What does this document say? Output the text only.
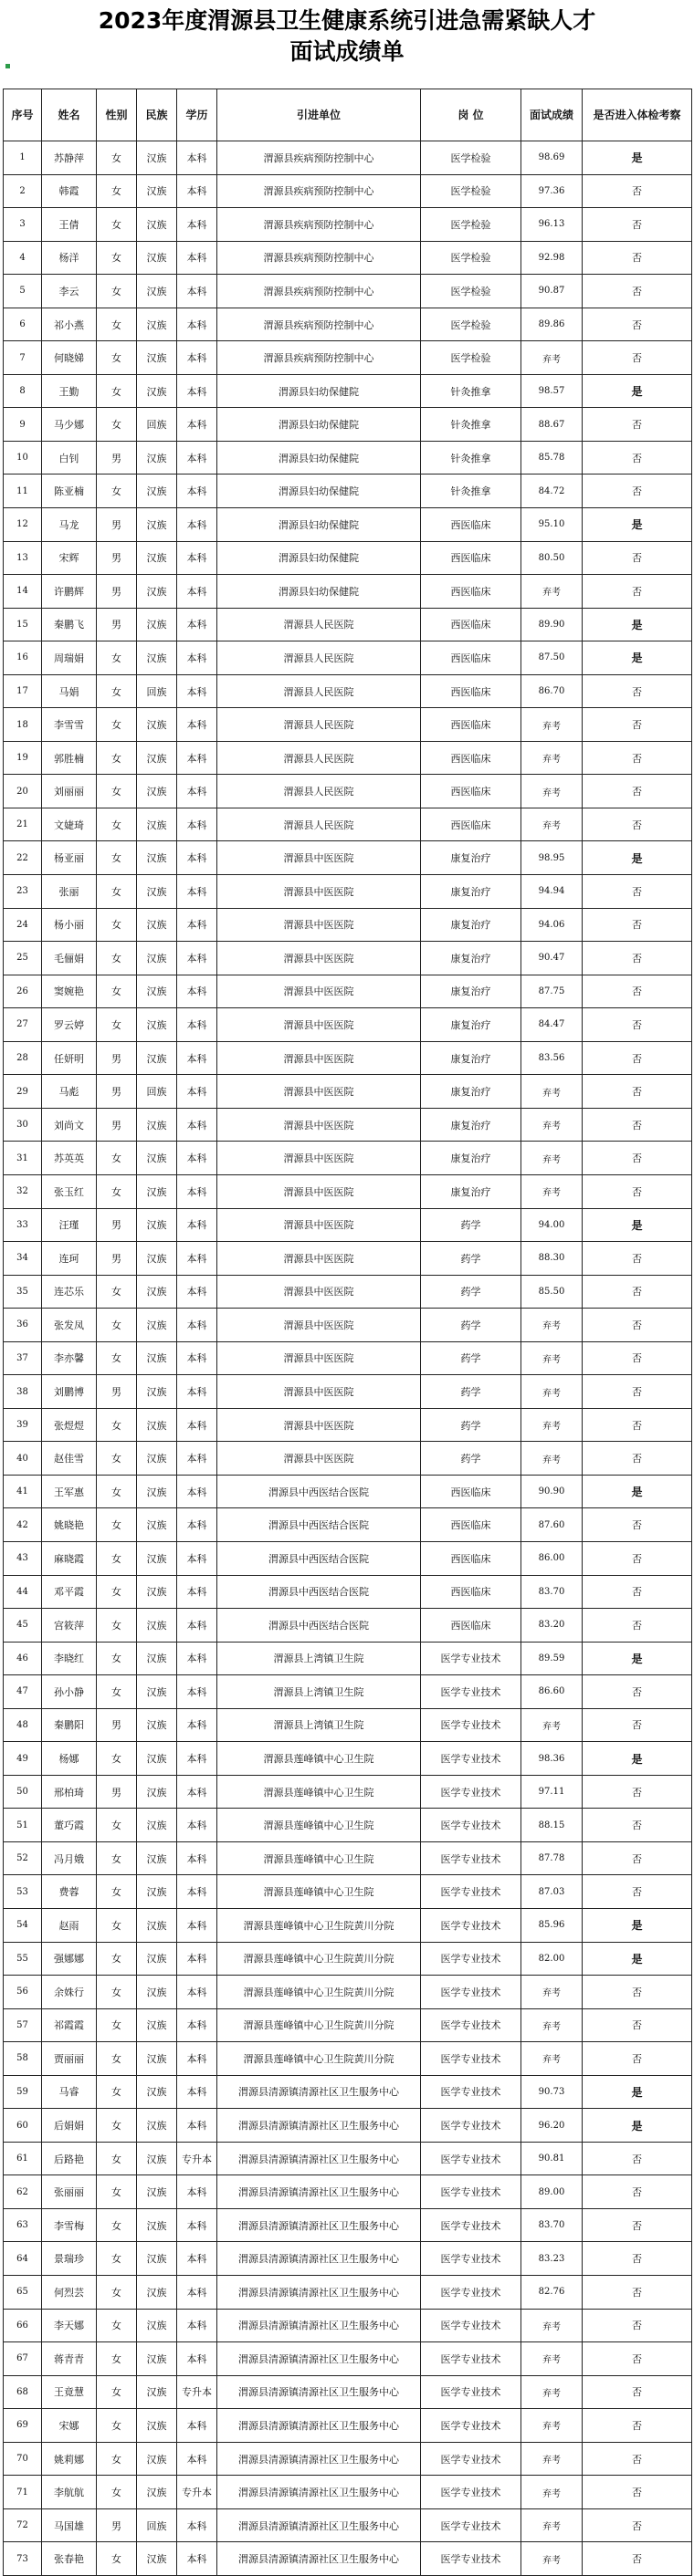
2023年度渭源县卫生健康系统引进急需紧缺人才
面试成绩单
序号	姓名	性别	民族	学历	引进单位	岗 位	面试成绩	是否进入体检考察
1	苏静萍	女	汉族	本科	渭源县疾病预防控制中心	医学检验	98.69	是
2	韩霞	女	汉族	本科	渭源县疾病预防控制中心	医学检验	97.36	否
3	王倩	女	汉族	本科	渭源县疾病预防控制中心	医学检验	96.13	否
4	杨洋	女	汉族	本科	渭源县疾病预防控制中心	医学检验	92.98	否
5	李云	女	汉族	本科	渭源县疾病预防控制中心	医学检验	90.87	否
6	祁小燕	女	汉族	本科	渭源县疾病预防控制中心	医学检验	89.86	否
7	何晓娣	女	汉族	本科	渭源县疾病预防控制中心	医学检验	弃考	否
8	王勤	女	汉族	本科	渭源县妇幼保健院	针灸推拿	98.57	是
9	马少娜	女	回族	本科	渭源县妇幼保健院	针灸推拿	88.67	否
10	白钊	男	汉族	本科	渭源县妇幼保健院	针灸推拿	85.78	否
11	陈亚楠	女	汉族	本科	渭源县妇幼保健院	针灸推拿	84.72	否
12	马龙	男	汉族	本科	渭源县妇幼保健院	西医临床	95.10	是
13	宋辉	男	汉族	本科	渭源县妇幼保健院	西医临床	80.50	否
14	许鹏辉	男	汉族	本科	渭源县妇幼保健院	西医临床	弃考	否
15	秦鹏飞	男	汉族	本科	渭源县人民医院	西医临床	89.90	是
16	周瑞娟	女	汉族	本科	渭源县人民医院	西医临床	87.50	是
17	马娟	女	回族	本科	渭源县人民医院	西医临床	86.70	否
18	李雪雪	女	汉族	本科	渭源县人民医院	西医临床	弃考	否
19	郭胜楠	女	汉族	本科	渭源县人民医院	西医临床	弃考	否
20	刘丽丽	女	汉族	本科	渭源县人民医院	西医临床	弃考	否
21	文婕琦	女	汉族	本科	渭源县人民医院	西医临床	弃考	否
22	杨亚丽	女	汉族	本科	渭源县中医医院	康复治疗	98.95	是
23	张丽	女	汉族	本科	渭源县中医医院	康复治疗	94.94	否
24	杨小丽	女	汉族	本科	渭源县中医医院	康复治疗	94.06	否
25	毛俪娟	女	汉族	本科	渭源县中医医院	康复治疗	90.47	否
26	窦婉艳	女	汉族	本科	渭源县中医医院	康复治疗	87.75	否
27	罗云婷	女	汉族	本科	渭源县中医医院	康复治疗	84.47	否
28	任妍明	男	汉族	本科	渭源县中医医院	康复治疗	83.56	否
29	马彪	男	回族	本科	渭源县中医医院	康复治疗	弃考	否
30	刘尚文	男	汉族	本科	渭源县中医医院	康复治疗	弃考	否
31	苏英英	女	汉族	本科	渭源县中医医院	康复治疗	弃考	否
32	张玉红	女	汉族	本科	渭源县中医医院	康复治疗	弃考	否
33	汪瑾	男	汉族	本科	渭源县中医医院	药学	94.00	是
34	连珂	男	汉族	本科	渭源县中医医院	药学	88.30	否
35	连芯乐	女	汉族	本科	渭源县中医医院	药学	85.50	否
36	张发凤	女	汉族	本科	渭源县中医医院	药学	弃考	否
37	李亦馨	女	汉族	本科	渭源县中医医院	药学	弃考	否
38	刘鹏博	男	汉族	本科	渭源县中医医院	药学	弃考	否
39	张煜煜	女	汉族	本科	渭源县中医医院	药学	弃考	否
40	赵佳雪	女	汉族	本科	渭源县中医医院	药学	弃考	否
41	王军惠	女	汉族	本科	渭源县中西医结合医院	西医临床	90.90	是
42	姚晓艳	女	汉族	本科	渭源县中西医结合医院	西医临床	87.60	否
43	麻晓霞	女	汉族	本科	渭源县中西医结合医院	西医临床	86.00	否
44	邓平霞	女	汉族	本科	渭源县中西医结合医院	西医临床	83.70	否
45	宫筱萍	女	汉族	本科	渭源县中西医结合医院	西医临床	83.20	否
46	李晓红	女	汉族	本科	渭源县上湾镇卫生院	医学专业技术	89.59	是
47	孙小静	女	汉族	本科	渭源县上湾镇卫生院	医学专业技术	86.60	否
48	秦鹏阳	男	汉族	本科	渭源县上湾镇卫生院	医学专业技术	弃考	否
49	杨娜	女	汉族	本科	渭源县莲峰镇中心卫生院	医学专业技术	98.36	是
50	邢柏琦	男	汉族	本科	渭源县莲峰镇中心卫生院	医学专业技术	97.11	否
51	董巧霞	女	汉族	本科	渭源县莲峰镇中心卫生院	医学专业技术	88.15	否
52	冯月娥	女	汉族	本科	渭源县莲峰镇中心卫生院	医学专业技术	87.78	否
53	费蓉	女	汉族	本科	渭源县莲峰镇中心卫生院	医学专业技术	87.03	否
54	赵雨	女	汉族	本科	渭源县莲峰镇中心卫生院黄川分院	医学专业技术	85.96	是
55	强娜娜	女	汉族	本科	渭源县莲峰镇中心卫生院黄川分院	医学专业技术	82.00	是
56	余姝行	女	汉族	本科	渭源县莲峰镇中心卫生院黄川分院	医学专业技术	弃考	否
57	祁霞霞	女	汉族	本科	渭源县莲峰镇中心卫生院黄川分院	医学专业技术	弃考	否
58	贾丽丽	女	汉族	本科	渭源县莲峰镇中心卫生院黄川分院	医学专业技术	弃考	否
59	马睿	女	汉族	本科	渭源县清源镇清源社区卫生服务中心	医学专业技术	90.73	是
60	后娟娟	女	汉族	本科	渭源县清源镇清源社区卫生服务中心	医学专业技术	96.20	是
61	后路艳	女	汉族	专升本	渭源县清源镇清源社区卫生服务中心	医学专业技术	90.81	否
62	张丽丽	女	汉族	本科	渭源县清源镇清源社区卫生服务中心	医学专业技术	89.00	否
63	李雪梅	女	汉族	本科	渭源县清源镇清源社区卫生服务中心	医学专业技术	83.70	否
64	景瑞珍	女	汉族	本科	渭源县清源镇清源社区卫生服务中心	医学专业技术	83.23	否
65	何烈芸	女	汉族	本科	渭源县清源镇清源社区卫生服务中心	医学专业技术	82.76	否
66	李天娜	女	汉族	本科	渭源县清源镇清源社区卫生服务中心	医学专业技术	弃考	否
67	蒋青青	女	汉族	本科	渭源县清源镇清源社区卫生服务中心	医学专业技术	弃考	否
68	王竟慧	女	汉族	专升本	渭源县清源镇清源社区卫生服务中心	医学专业技术	弃考	否
69	宋娜	女	汉族	本科	渭源县清源镇清源社区卫生服务中心	医学专业技术	弃考	否
70	姚莉娜	女	汉族	本科	渭源县清源镇清源社区卫生服务中心	医学专业技术	弃考	否
71	李航航	女	汉族	专升本	渭源县清源镇清源社区卫生服务中心	医学专业技术	弃考	否
72	马国雄	男	回族	本科	渭源县清源镇清源社区卫生服务中心	医学专业技术	弃考	否
73	张春艳	女	汉族	本科	渭源县清源镇清源社区卫生服务中心	医学专业技术	弃考	否
